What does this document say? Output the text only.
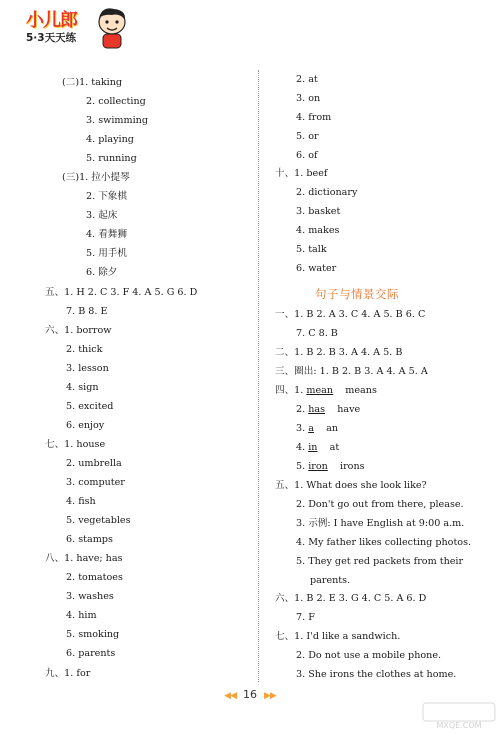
小儿郎
5·3天天练
(二)1. taking
2. collecting
3. swimming
4. playing
5. running
(三)1. 拉小提琴
2. 下象棋
3. 起床
4. 看舞狮
5. 用手机
6. 除夕
五、1. H 2. C 3. F 4. A 5. G 6. D
7. B 8. E
六、1. borrow
2. thick
3. lesson
4. sign
5. excited
6. enjoy
七、1. house
2. umbrella
3. computer
4. fish
5. vegetables
6. stamps
八、1. have; has
2. tomatoes
3. washes
4. him
5. smoking
6. parents
九、1. for
2. at
3. on
4. from
5. or
6. of
十、1. beef
2. dictionary
3. basket
4. makes
5. talk
6. water
一、1. B 2. A 3. C 4. A 5. B 6. C
7. C 8. B
二、1. B 2. B 3. A 4. A 5. B
三、圈出: 1. B 2. B 3. A 4. A 5. A
四、1. mean    means
2. has    have
3. a    an
4. in    at
5. iron    irons
五、1. What does she look like?
2. Don't go out from there, please.
3. 示例: I have English at 9:00 a.m.
4. My father likes collecting photos.
5. They get red packets from their
parents.
六、1. B 2. E 3. G 4. C 5. A 6. D
7. F
七、1. I'd like a sandwich.
2. Do not use a mobile phone.
3. She irons the clothes at home.
句子与情景交际
◀◀ 16 ▶▶
MXQE.COM
